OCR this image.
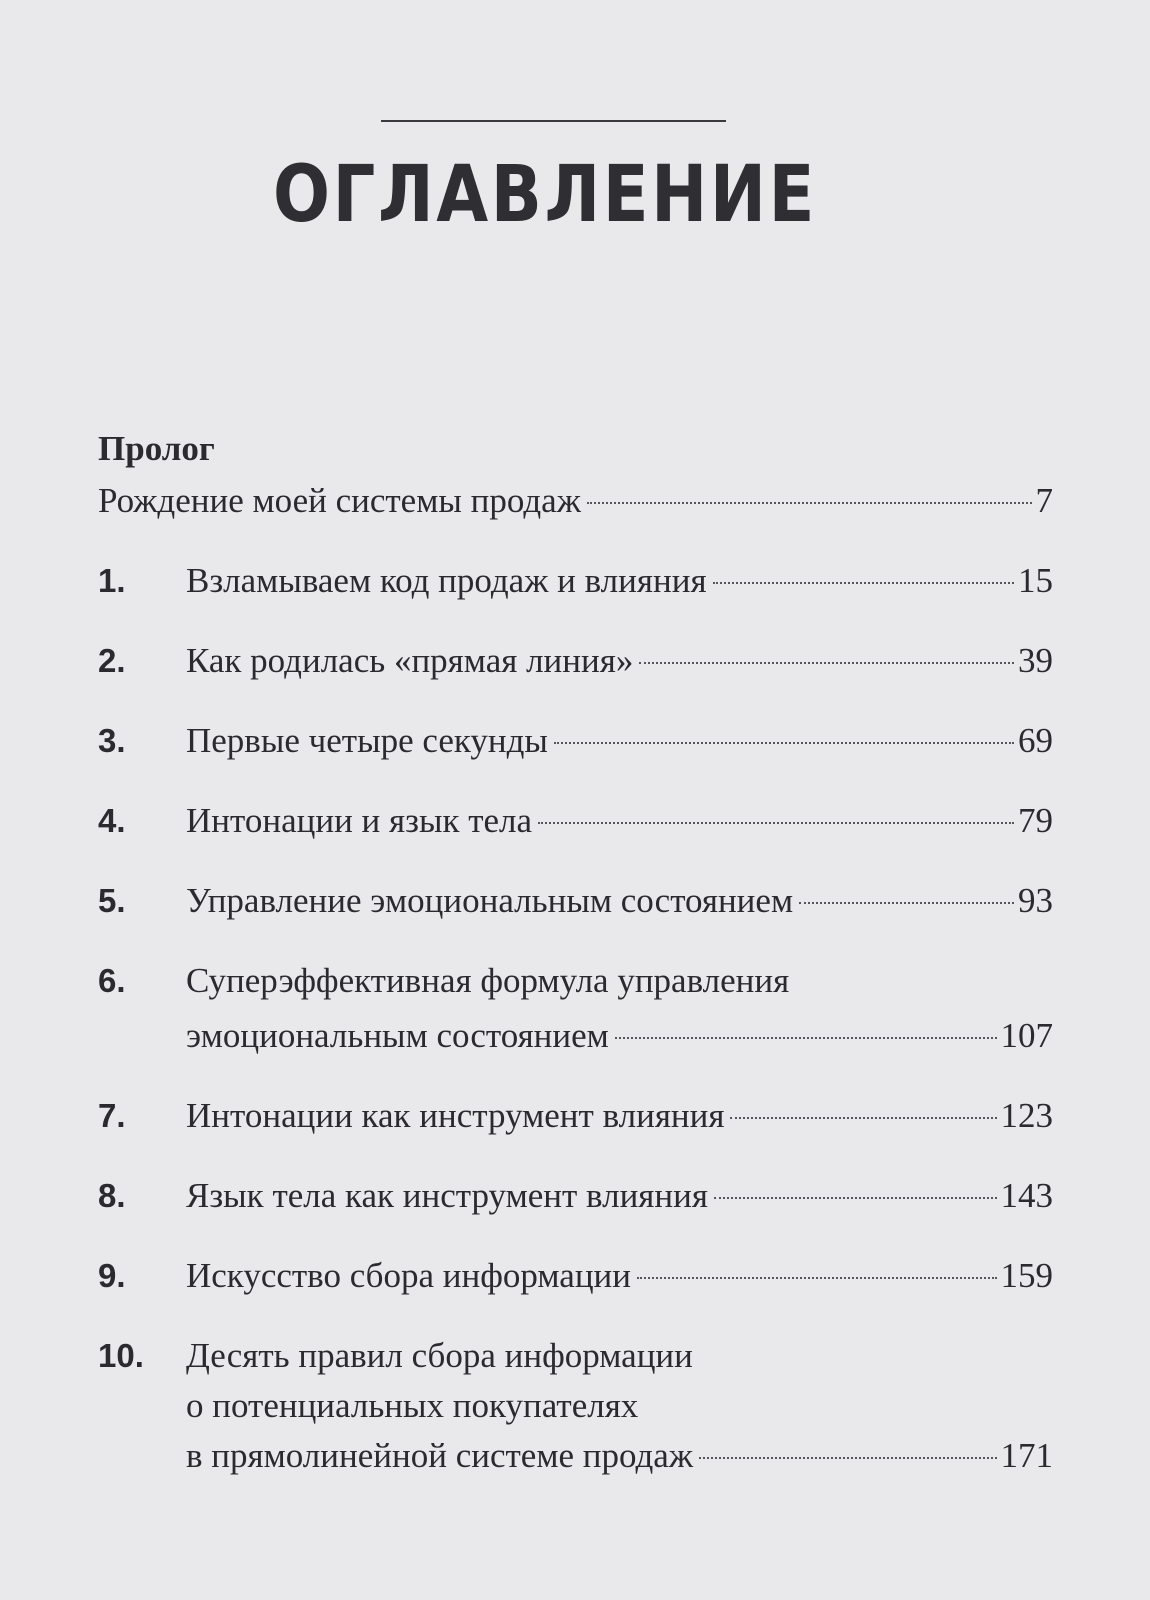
ОГЛАВЛЕНИЕ
Пролог
Рождение моей системы продаж	7
1. Взламываем код продаж и влияния	15
2. Как родилась «прямая линия»	39
3. Первые четыре секунды	69
4. Интонации и язык тела	79
5. Управление эмоциональным состоянием	93
6. Суперэффективная формула управления
эмоциональным состоянием	107
7. Интонации как инструмент влияния	123
8. Язык тела как инструмент влияния	143
9. Искусство сбора информации	159
10. Десять правил сбора информации
о потенциальных покупателях
в прямолинейной системе продаж	171
